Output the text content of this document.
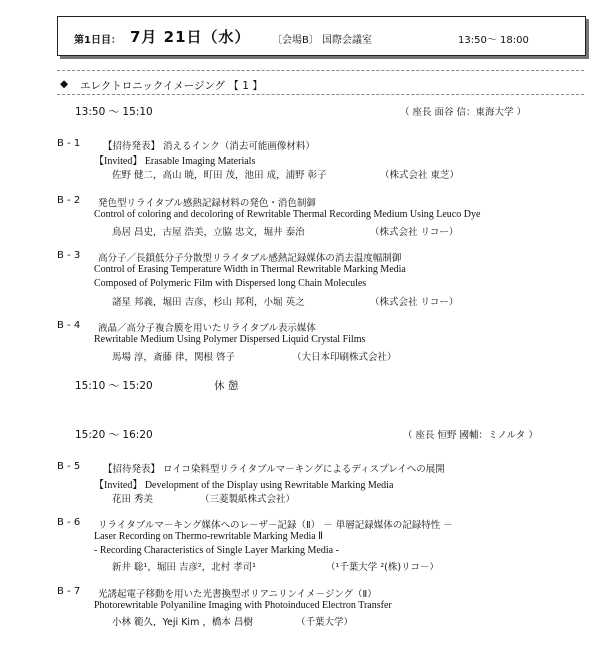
第1日目： 7月 21日（水） 〔会場B〕 国際会議室	13:50～ 18:00
◆ エレクトロニックイメージング 【 1 】
13:50 ～ 15:10	（ 座長 面谷 信：東海大学 ）
B - 1 【招待発表】 消えるインク（消去可能画像材料）
【Invited】 Erasable Imaging Materials
佐野 健二，高山 暁，町田 茂，池田 成，浦野 彰子	（株式会社 東芝）
B - 2 発色型リライタブル感熱記録材料の発色・消色制御
Control of coloring and decoloring of Rewritable Thermal Recording Medium Using Leuco Dye
鳥居 昌史，古屋 浩美，立脇 忠文，堀井 泰治	（株式会社 リコー）
B - 3 高分子／長鎖低分子分散型リライタブル感熱記録媒体の消去温度幅制御
Control of Erasing Temperature Width in Thermal Rewritable Marking Media
Composed of Polymeric Film with Dispersed long Chain Molecules
諸星 邦義，堀田 吉彦，杉山 邦利，小堀 英之	（株式会社 リコー）
B - 4 液晶／高分子複合膜を用いたリライタブル表示媒体
Rewritable Medium Using Polymer Dispersed Liquid Crystal Films
馬場 淳，斎藤 律，関根 啓子	（大日本印刷株式会社）
15:10 ～ 15:20	休 憩
15:20 ～ 16:20	（ 座長 恒野 國輔：ミノルタ ）
B - 5 【招待発表】 ロイコ染料型リライタブルマ－キングによるディスプレイへの展開
【Invited】 Development of the Display using Rewritable Marking Media
花田 秀美	（三菱製紙株式会社）
B - 6 リライタブルマ－キング媒体へのレ－ザ－記録（Ⅱ） － 単層記録媒体の記録特性 －
Laser Recording on Thermo-rewritable Marking Media Ⅱ
- Recording Characteristics of Single Layer Marking Media -
新井 聡¹，堀田 吉彦²，北村 孝司¹	（¹千葉大学 ²(株)リコ－）
B - 7 光誘起電子移動を用いた光書換型ポリアニリンイメ－ジング（Ⅱ）
Photorewritable Polyaniline Imaging with Photoinduced Electron Transfer
小林 範久，Yeji Kim ，橋本 昌樹	（千葉大学）
